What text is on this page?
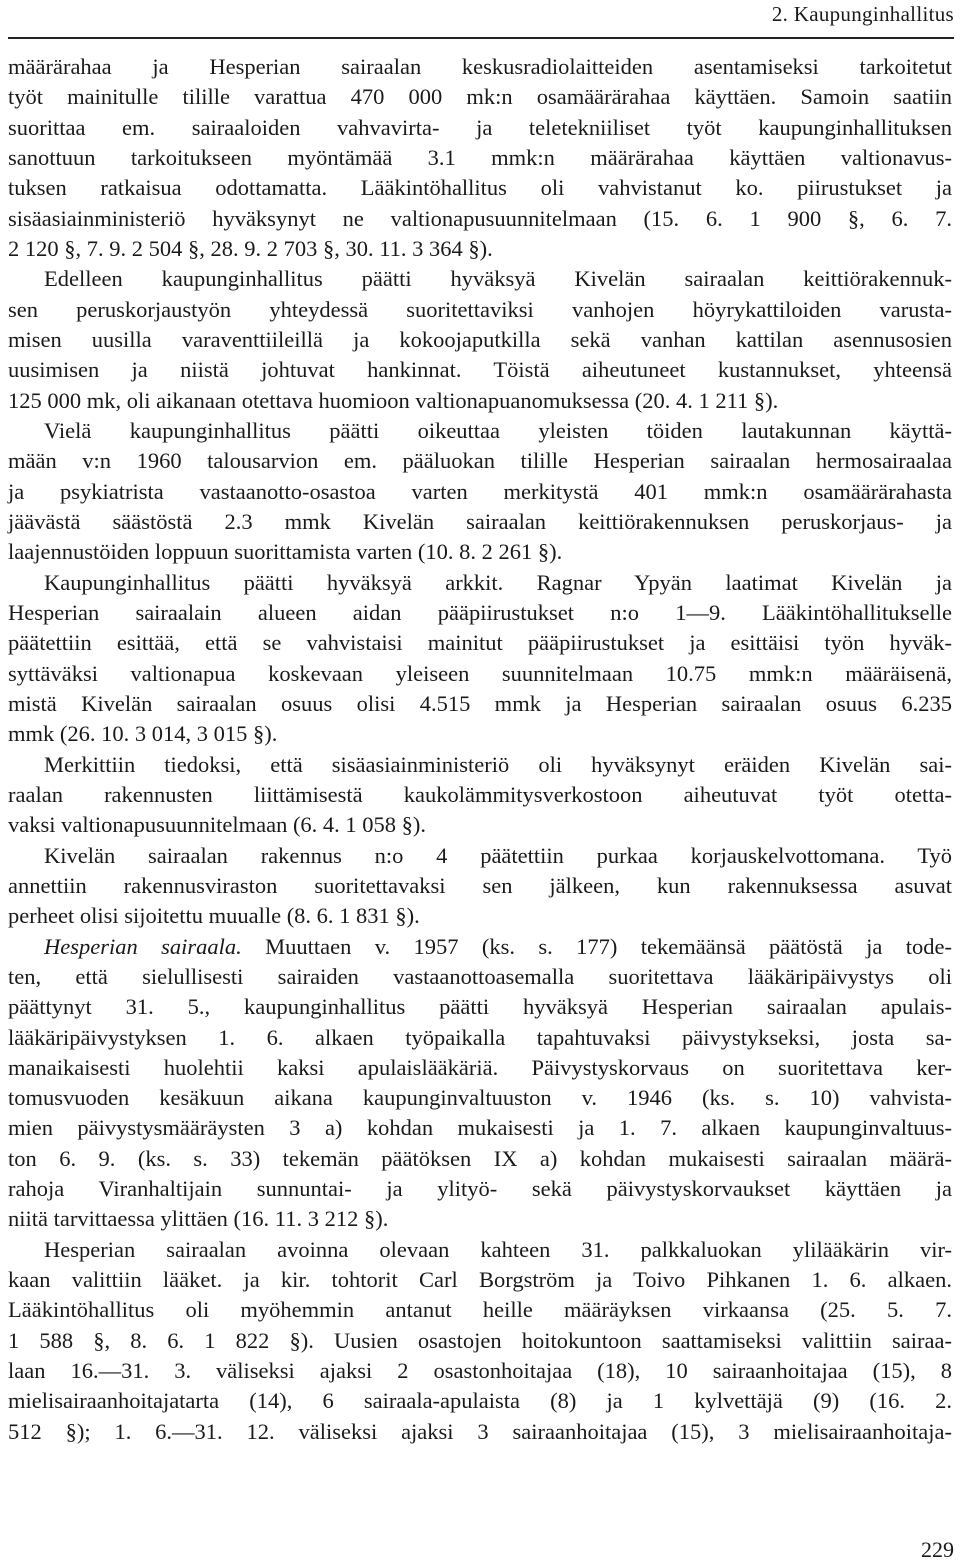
2. Kaupunginhallitus
määrärahaa ja Hesperian sairaalan keskusradiolaitteiden asentamiseksi tarkoitetut
työt mainitulle tilille varattua 470 000 mk:n osamäärärahaa käyttäen. Samoin saatiin
suorittaa em. sairaaloiden vahvavirta- ja teletekniiliset työt kaupunginhallituksen
sanottuun tarkoitukseen myöntämää 3.1 mmk:n määrärahaa käyttäen valtionavus-
tuksen ratkaisua odottamatta. Lääkintöhallitus oli vahvistanut ko. piirustukset ja
sisäasiainministeriö hyväksynyt ne valtionapusuunnitelmaan (15. 6. 1 900 §, 6. 7.
2 120 §, 7. 9. 2 504 §, 28. 9. 2 703 §, 30. 11. 3 364 §).
Edelleen kaupunginhallitus päätti hyväksyä Kivelän sairaalan keittiörakennuk-
sen peruskorjaustyön yhteydessä suoritettaviksi vanhojen höyrykattiloiden varusta-
misen uusilla varaventtiileillä ja kokoojaputkilla sekä vanhan kattilan asennusosien
uusimisen ja niistä johtuvat hankinnat. Töistä aiheutuneet kustannukset, yhteensä
125 000 mk, oli aikanaan otettava huomioon valtionapuanomuksessa (20. 4. 1 211 §).
Vielä kaupunginhallitus päätti oikeuttaa yleisten töiden lautakunnan käyttä-
mään v:n 1960 talousarvion em. pääluokan tilille Hesperian sairaalan hermosairaalaa
ja psykiatrista vastaanotto-osastoa varten merkitystä 401 mmk:n osamäärärahasta
jäävästä säästöstä 2.3 mmk Kivelän sairaalan keittiörakennuksen peruskorjaus- ja
laajennustöiden loppuun suorittamista varten (10. 8. 2 261 §).
Kaupunginhallitus päätti hyväksyä arkkit. Ragnar Ypyän laatimat Kivelän ja
Hesperian sairaalain alueen aidan pääpiirustukset n:o 1—9. Lääkintöhallitukselle
päätettiin esittää, että se vahvistaisi mainitut pääpiirustukset ja esittäisi työn hyväk-
syttäväksi valtionapua koskevaan yleiseen suunnitelmaan 10.75 mmk:n määräisenä,
mistä Kivelän sairaalan osuus olisi 4.515 mmk ja Hesperian sairaalan osuus 6.235
mmk (26. 10. 3 014, 3 015 §).
Merkittiin tiedoksi, että sisäasiainministeriö oli hyväksynyt eräiden Kivelän sai-
raalan rakennusten liittämisestä kaukolämmitysverkostoon aiheutuvat työt otetta-
vaksi valtionapusuunnitelmaan (6. 4. 1 058 §).
Kivelän sairaalan rakennus n:o 4 päätettiin purkaa korjauskelvottomana. Työ
annettiin rakennusviraston suoritettavaksi sen jälkeen, kun rakennuksessa asuvat
perheet olisi sijoitettu muualle (8. 6. 1 831 §).
Hesperian sairaala. Muuttaen v. 1957 (ks. s. 177) tekemäänsä päätöstä ja tode-
ten, että sielullisesti sairaiden vastaanottoasemalla suoritettava lääkäripäivystys oli
päättynyt 31. 5., kaupunginhallitus päätti hyväksyä Hesperian sairaalan apulais-
lääkäripäivystyksen 1. 6. alkaen työpaikalla tapahtuvaksi päivystykseksi, josta sa-
manaikaisesti huolehtii kaksi apulaislääkäriä. Päivystyskorvaus on suoritettava ker-
tomusvuoden kesäkuun aikana kaupunginvaltuuston v. 1946 (ks. s. 10) vahvista-
mien päivystysmääräysten 3 a) kohdan mukaisesti ja 1. 7. alkaen kaupunginvaltuus-
ton 6. 9. (ks. s. 33) tekemän päätöksen IX a) kohdan mukaisesti sairaalan määrä-
rahoja Viranhaltijain sunnuntai- ja ylityö- sekä päivystyskorvaukset käyttäen ja
niitä tarvittaessa ylittäen (16. 11. 3 212 §).
Hesperian sairaalan avoinna olevaan kahteen 31. palkkaluokan ylilääkärin vir-
kaan valittiin lääket. ja kir. tohtorit Carl Borgström ja Toivo Pihkanen 1. 6. alkaen.
Lääkintöhallitus oli myöhemmin antanut heille määräyksen virkaansa (25. 5. 7.
1 588 §, 8. 6. 1 822 §). Uusien osastojen hoitokuntoon saattamiseksi valittiin sairaa-
laan 16.—31. 3. väliseksi ajaksi 2 osastonhoitajaa (18), 10 sairaanhoitajaa (15), 8
mielisairaanhoitajatarta (14), 6 sairaala-apulaista (8) ja 1 kylvettäjä (9) (16. 2.
512 §); 1. 6.—31. 12. väliseksi ajaksi 3 sairaanhoitajaa (15), 3 mielisairaanhoitaja-
229
